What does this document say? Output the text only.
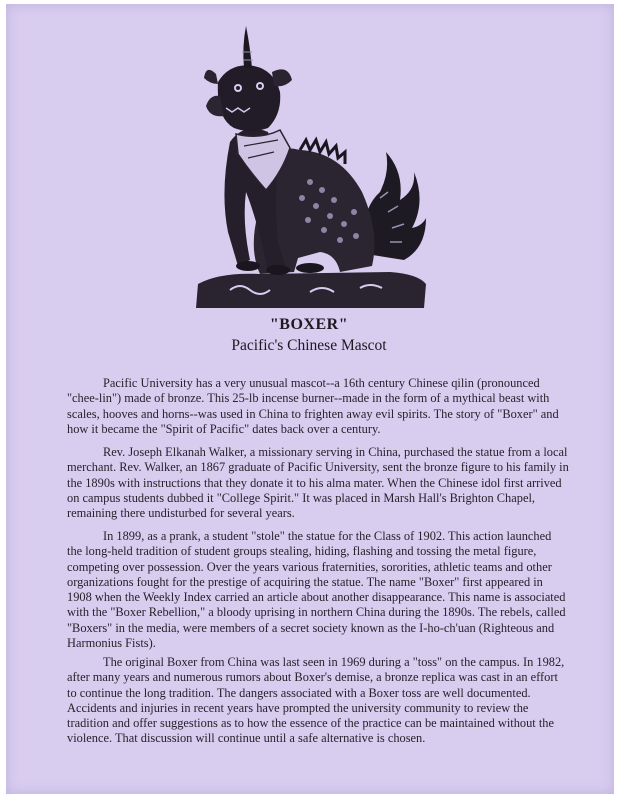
"BOXER"
Pacific's Chinese Mascot

Pacific University has a very unusual mascot--a 16th century Chinese qilin (pronounced "chee-lin") made of bronze. This 25-lb incense burner--made in the form of a mythical beast with scales, hooves and horns--was used in China to frighten away evil spirits. The story of "Boxer" and how it became the "Spirit of Pacific" dates back over a century.

Rev. Joseph Elkanah Walker, a missionary serving in China, purchased the statue from a local merchant. Rev. Walker, an 1867 graduate of Pacific University, sent the bronze figure to his family in the 1890s with instructions that they donate it to his alma mater. When the Chinese idol first arrived on campus students dubbed it "College Spirit." It was placed in Marsh Hall's Brighton Chapel, remaining there undisturbed for several years.

In 1899, as a prank, a student "stole" the statue for the Class of 1902. This action launched the long-held tradition of student groups stealing, hiding, flashing and tossing the metal figure, competing over possession. Over the years various fraternities, sororities, athletic teams and other organizations fought for the prestige of acquiring the statue. The name "Boxer" first appeared in 1908 when the Weekly Index carried an article about another disappearance. This name is associated with the "Boxer Rebellion," a bloody uprising in northern China during the 1890s. The rebels, called "Boxers" in the media, were members of a secret society known as the I-ho-ch'uan (Righteous and Harmonius Fists).

The original Boxer from China was last seen in 1969 during a "toss" on the campus. In 1982, after many years and numerous rumors about Boxer's demise, a bronze replica was cast in an effort to continue the long tradition. The dangers associated with a Boxer toss are well documented. Accidents and injuries in recent years have prompted the university community to review the tradition and offer suggestions as to how the essence of the practice can be maintained without the violence. That discussion will continue until a safe alternative is chosen.
